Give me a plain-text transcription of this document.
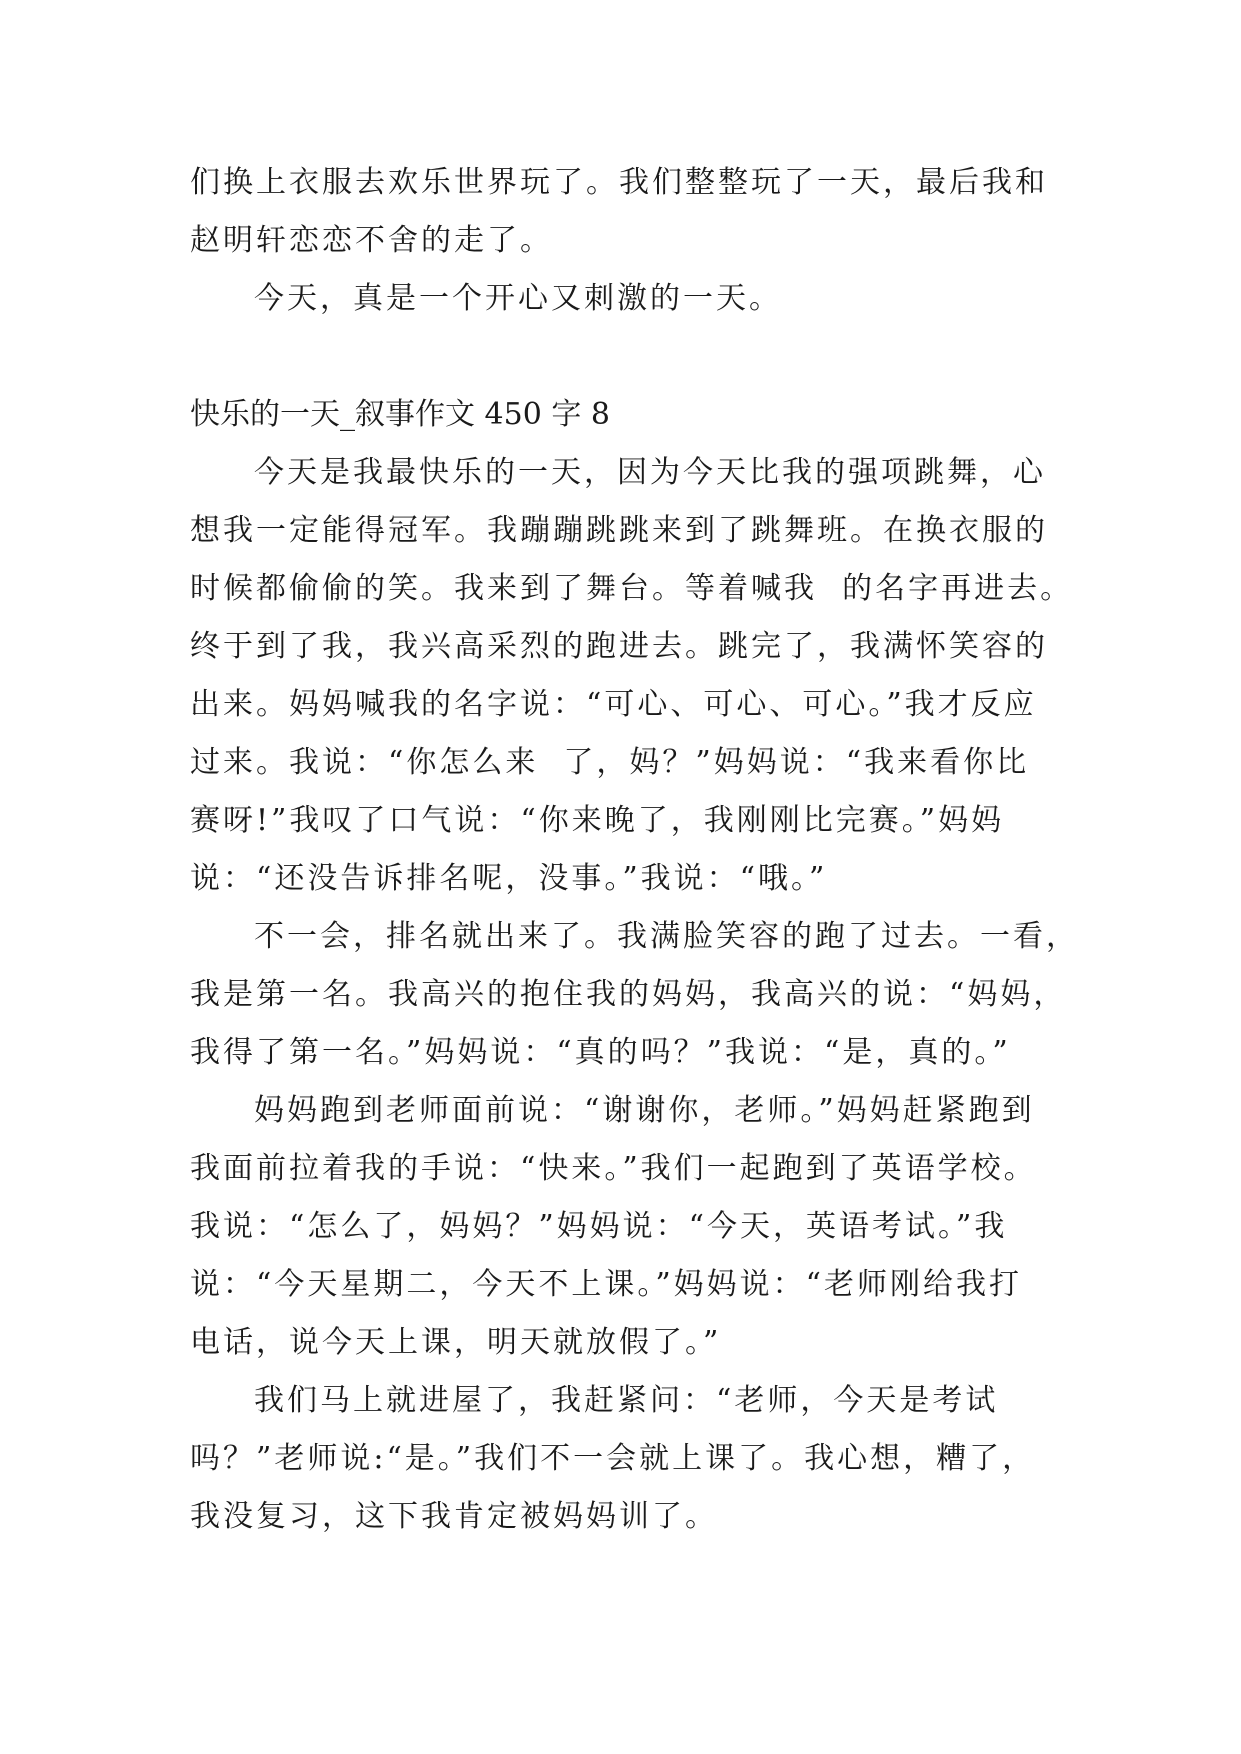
们换上衣服去欢乐世界玩了。我们整整玩了一天，最后我和
赵明轩恋恋不舍的走了。
今天，真是一个开心又刺激的一天。
快乐的一天_叙事作文 450 字 8
今天是我最快乐的一天，因为今天比我的强项跳舞，心
想我一定能得冠军。我蹦蹦跳跳来到了跳舞班。在换衣服的
时候都偷偷的笑。我来到了舞台。等着喊我  的名字再进去。
终于到了我，我兴高采烈的跑进去。跳完了，我满怀笑容的
出来。妈妈喊我的名字说：“可心、可心、可心。”我才反应
过来。我说：“你怎么来  了，妈？”妈妈说：“我来看你比
赛呀!”我叹了口气说：“你来晚了，我刚刚比完赛。”妈妈
说：“还没告诉排名呢，没事。”我说：“哦。”
不一会，排名就出来了。我满脸笑容的跑了过去。一看，
我是第一名。我高兴的抱住我的妈妈，我高兴的说：“妈妈，
我得了第一名。”妈妈说：“真的吗？”我说：“是，真的。”
妈妈跑到老师面前说：“谢谢你，老师。”妈妈赶紧跑到
我面前拉着我的手说：“快来。”我们一起跑到了英语学校。
我说：“怎么了，妈妈？”妈妈说：“今天，英语考试。”我
说：“今天星期二，今天不上课。”妈妈说：“老师刚给我打
电话，说今天上课，明天就放假了。”
我们马上就进屋了，我赶紧问：“老师，今天是考试
吗？”老师说:“是。”我们不一会就上课了。我心想，糟了，
我没复习，这下我肯定被妈妈训了。
